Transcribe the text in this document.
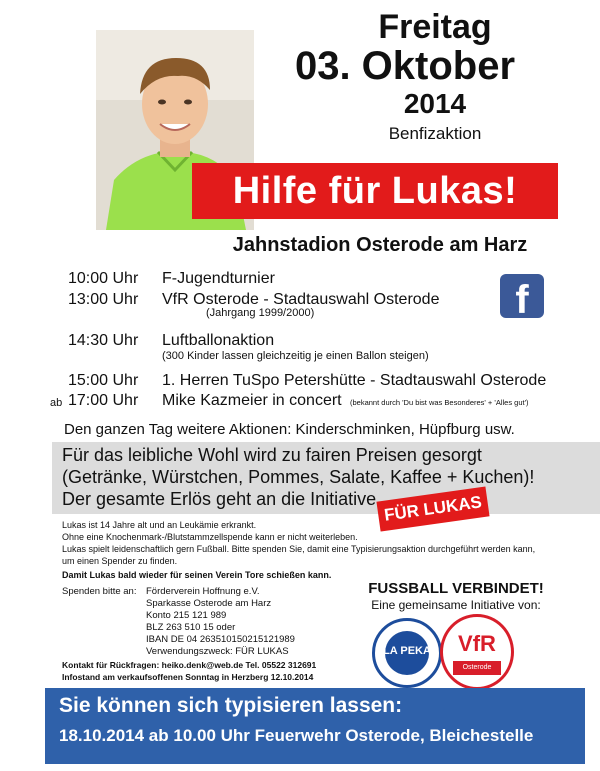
Freitag
03. Oktober
2014
Benfizaktion
Hilfe für Lukas!
Jahnstadion Osterode am Harz
10:00 Uhr F-Jugendturnier
13:00 Uhr VfR Osterode - Stadtauswahl Osterode
(Jahrgang 1999/2000)
14:30 Uhr Luftballonaktion
(300 Kinder lassen gleichzeitig je einen Ballon steigen)
15:00 Uhr 1. Herren TuSpo Petershütte - Stadtauswahl Osterode
ab 17:00 Uhr Mike Kazmeier in concert (bekannt durch 'Du bist was Besonderes' + 'Alles gut')
f
Den ganzen Tag weitere Aktionen: Kinderschminken, Hüpfburg usw.
Für das leibliche Wohl wird zu fairen Preisen gesorgt
(Getränke, Würstchen, Pommes, Salate, Kaffee + Kuchen)!
Der gesamte Erlös geht an die Initiative FÜR LUKAS
Lukas ist 14 Jahre alt und an Leukämie erkrankt.
Ohne eine Knochenmark-/Blutstammzellspende kann er nicht weiterleben.
Lukas spielt leidenschaftlich gern Fußball. Bitte spenden Sie, damit eine Typisierungsaktion durchgeführt werden kann,
um einen Spender zu finden.
Damit Lukas bald wieder für seinen Verein Tore schießen kann.
Spenden bitte an: Förderverein Hoffnung e.V.
Sparkasse Osterode am Harz
Konto 215 121 989
BLZ 263 510 15 oder
IBAN DE 04 263510150215121989
Verwendungszweck: FÜR LUKAS
Kontakt für Rückfragen: heiko.denk@web.de Tel. 05522 312691
Infostand am verkaufsoffenen Sonntag in Herzberg 12.10.2014
FUSSBALL VERBINDET!
Eine gemeinsame Initiative von:
LA PEKA	VfR
Osterode
Sie können sich typisieren lassen:
18.10.2014 ab 10.00 Uhr Feuerwehr Osterode, Bleichestelle
